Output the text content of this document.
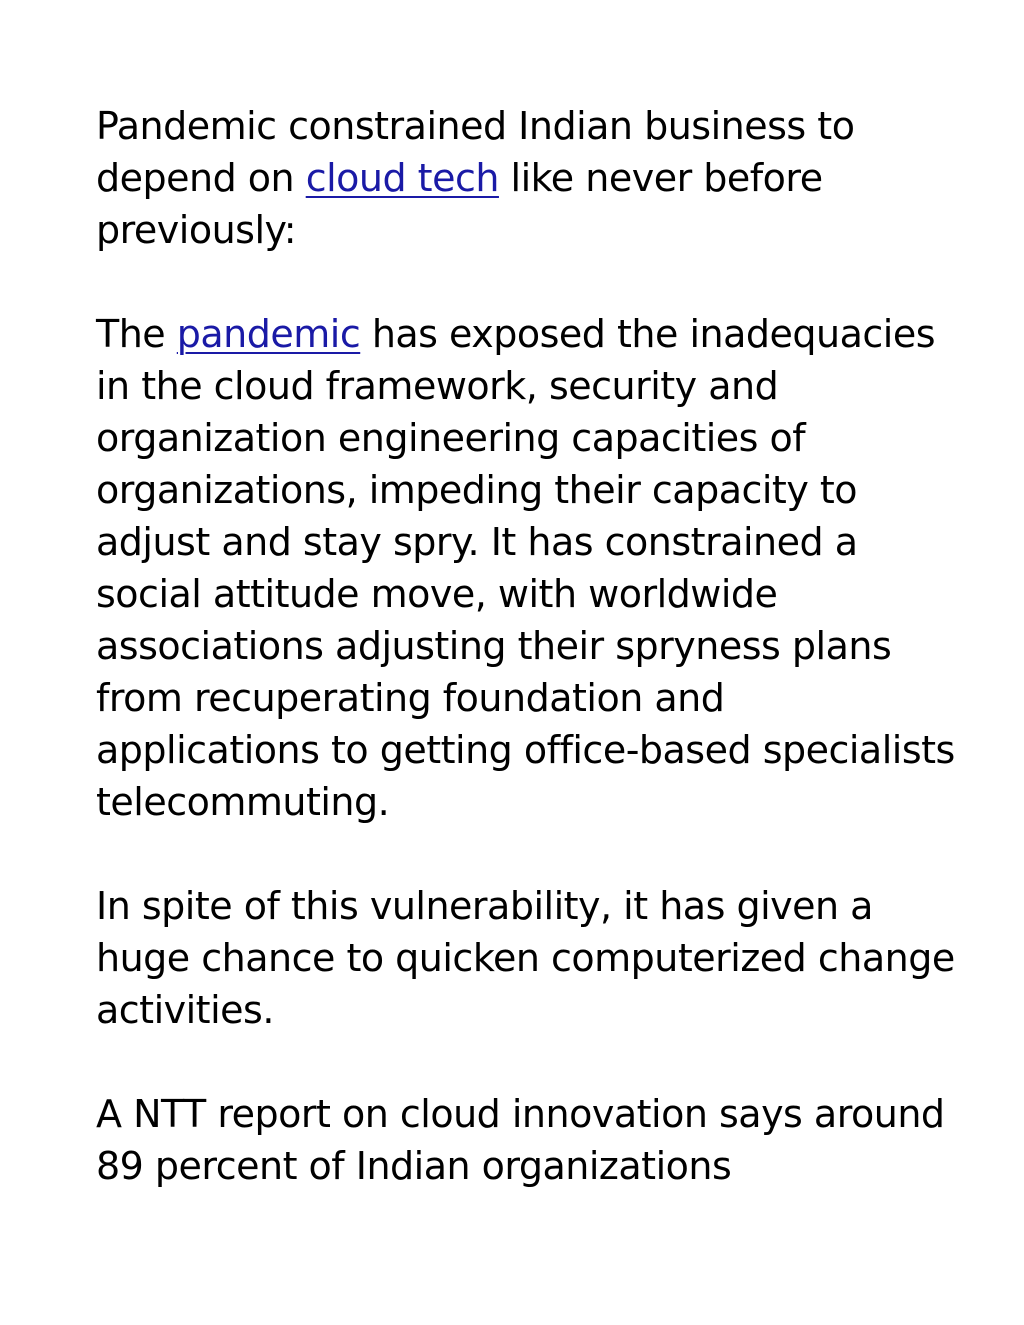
Pandemic constrained Indian business to depend on cloud tech like never before previously:

The pandemic has exposed the inadequacies in the cloud framework, security and organization engineering capacities of organizations, impeding their capacity to adjust and stay spry. It has constrained a social attitude move, with worldwide associations adjusting their spryness plans from recuperating foundation and applications to getting office-based specialists telecommuting.

In spite of this vulnerability, it has given a huge chance to quicken computerized change activities.

A NTT report on cloud innovation says around 89 percent of Indian organizations
